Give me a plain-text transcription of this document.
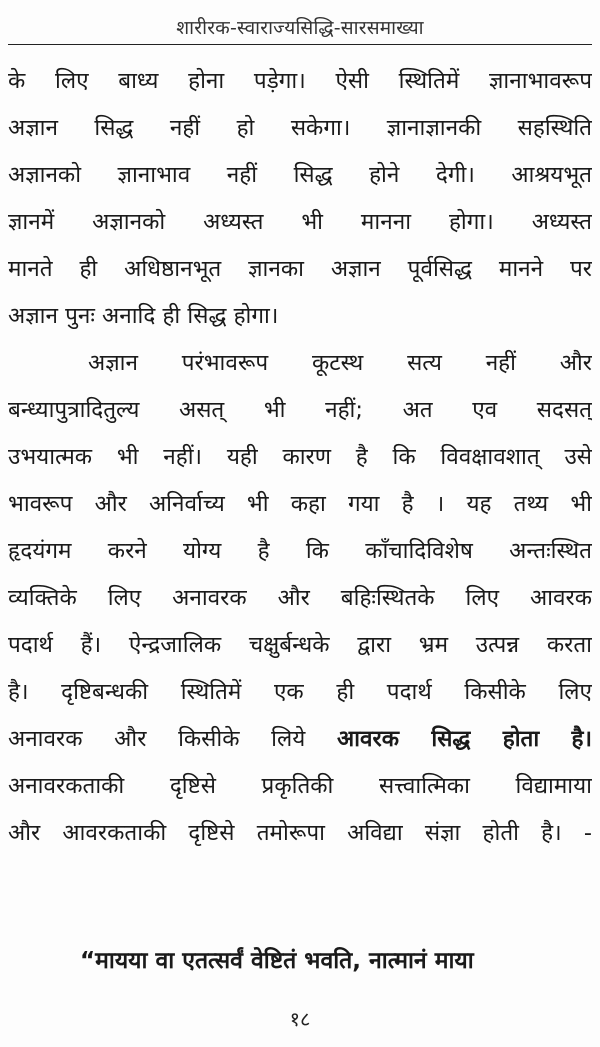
शारीरक-स्वाराज्यसिद्धि-सारसमाख्या
के लिए बाध्य होना पड़ेगा। ऐसी स्थितिमें ज्ञानाभावरूप
अज्ञान सिद्ध नहीं हो सकेगा। ज्ञानाज्ञानकी सहस्थिति
अज्ञानको ज्ञानाभाव नहीं सिद्ध होने देगी। आश्रयभूत
ज्ञानमें अज्ञानको अध्यस्त भी मानना होगा। अध्यस्त
मानते ही अधिष्ठानभूत ज्ञानका अज्ञान पूर्वसिद्ध मानने पर
अज्ञान पुनः अनादि ही सिद्ध होगा।
अज्ञान परंभावरूप कूटस्थ सत्य नहीं और
बन्ध्यापुत्रादितुल्य असत् भी नहीं; अत एव सदसत्
उभयात्मक भी नहीं। यही कारण है कि विवक्षावशात् उसे
भावरूप और अनिर्वाच्य भी कहा गया है । यह तथ्य भी
हृदयंगम करने योग्य है कि काँचादिविशेष अन्तःस्थित
व्यक्तिके लिए अनावरक और बहिःस्थितके लिए आवरक
पदार्थ हैं। ऐन्द्रजालिक चक्षुर्बन्धके द्वारा भ्रम उत्पन्न करता
है। दृष्टिबन्धकी स्थितिमें एक ही पदार्थ किसीके लिए
अनावरक और किसीके लिये आवरक सिद्ध होता है।
अनावरकताकी दृष्टिसे प्रकृतिकी सत्त्वात्मिका विद्यामाया
और आवरकताकी दृष्टिसे तमोरूपा अविद्या संज्ञा होती है। -
“मायया वा एतत्सर्वं वेष्टितं भवति, नात्मानं माया
१८
